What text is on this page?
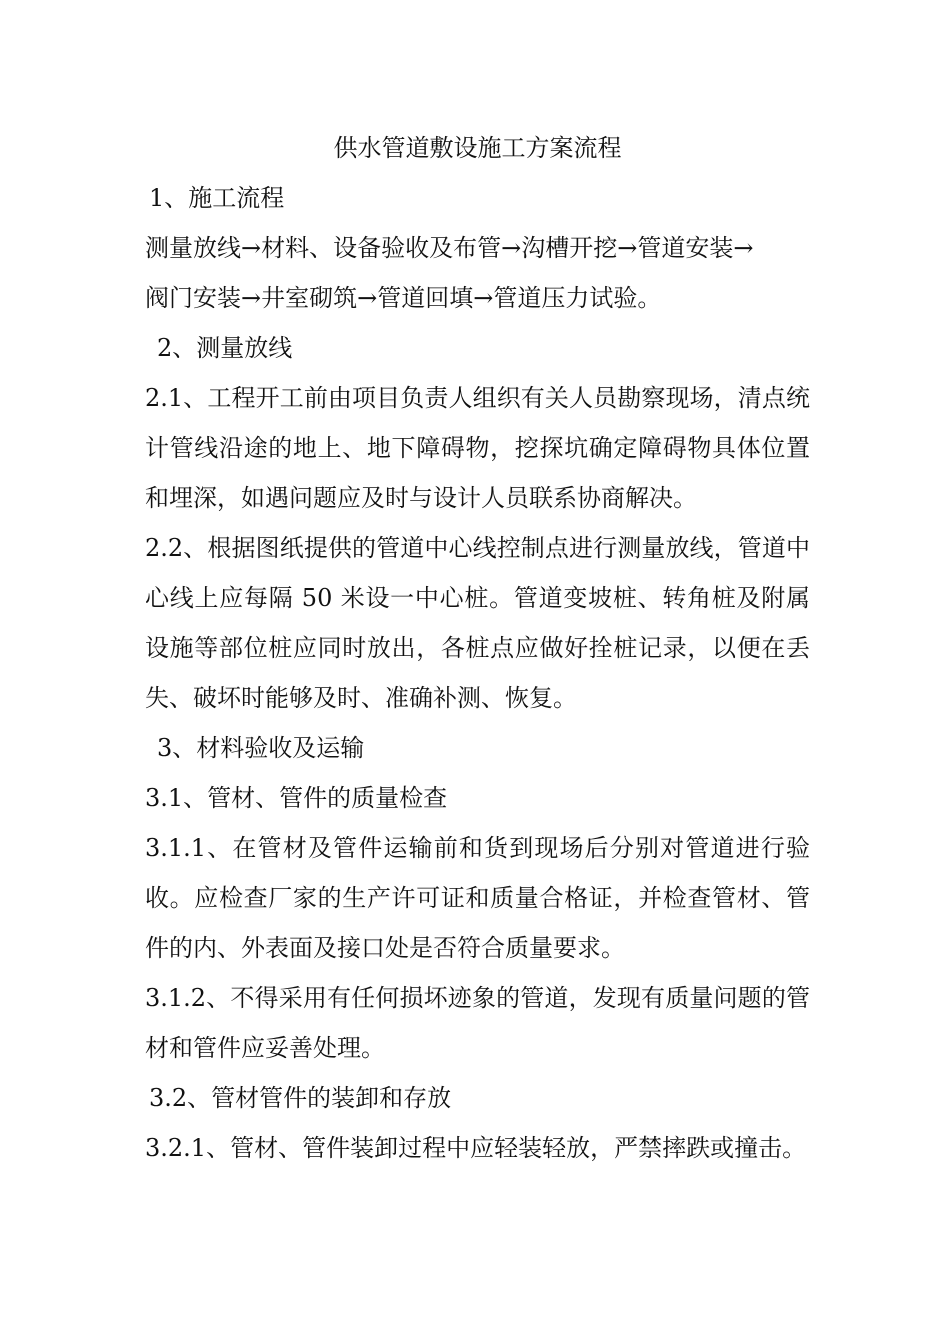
供水管道敷设施工方案流程

1、施工流程

测量放线→材料、设备验收及布管→沟槽开挖→管道安装→

阀门安装→井室砌筑→管道回填→管道压力试验。

2、测量放线

2.1、工程开工前由项目负责人组织有关人员勘察现场，清点统计管线沿途的地上、地下障碍物，挖探坑确定障碍物具体位置和埋深，如遇问题应及时与设计人员联系协商解决。

2.2、根据图纸提供的管道中心线控制点进行测量放线，管道中心线上应每隔 50 米设一中心桩。管道变坡桩、转角桩及附属设施等部位桩应同时放出，各桩点应做好拴桩记录，以便在丢失、破坏时能够及时、准确补测、恢复。

3、材料验收及运输

3.1、管材、管件的质量检查

3.1.1、在管材及管件运输前和货到现场后分别对管道进行验收。应检查厂家的生产许可证和质量合格证，并检查管材、管件的内、外表面及接口处是否符合质量要求。

3.1.2、不得采用有任何损坏迹象的管道，发现有质量问题的管材和管件应妥善处理。

3.2、管材管件的装卸和存放

3.2.1、管材、管件装卸过程中应轻装轻放，严禁摔跌或撞击。
